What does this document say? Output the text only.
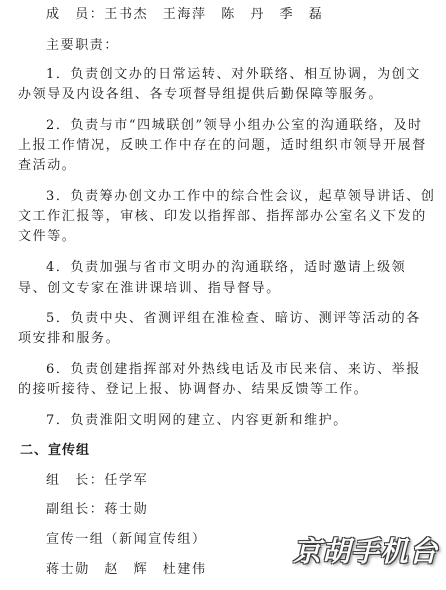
成　员：王书杰　王海萍　陈　丹　季　磊
主要职责：
1．负责创文办的日常运转、对外联络、相互协调，为创文
办领导及内设各组、各专项督导组提供后勤保障等服务。
2．负责与市“四城联创”领导小组办公室的沟通联络，及时
上报工作情况，反映工作中存在的问题，适时组织市领导开展督
查活动。
3．负责筹办创文办工作中的综合性会议，起草领导讲话、创
文工作汇报等，审核、印发以指挥部、指挥部办公室名义下发的
文件等。
4．负责加强与省市文明办的沟通联络，适时邀请上级领
导、创文专家在淮讲课培训、指导督导。
5．负责中央、省测评组在淮检查、暗访、测评等活动的各
项安排和服务。
6．负责创建指挥部对外热线电话及市民来信、来访、举报
的接听接待、登记上报、协调督办、结果反馈等工作。
7．负责淮阳文明网的建立、内容更新和维护。
二、宣传组
组　长：任学军
副组长：蒋士勋
宣传一组（新闻宣传组）
蒋士勋　赵　辉　杜建伟
京胡手机台
